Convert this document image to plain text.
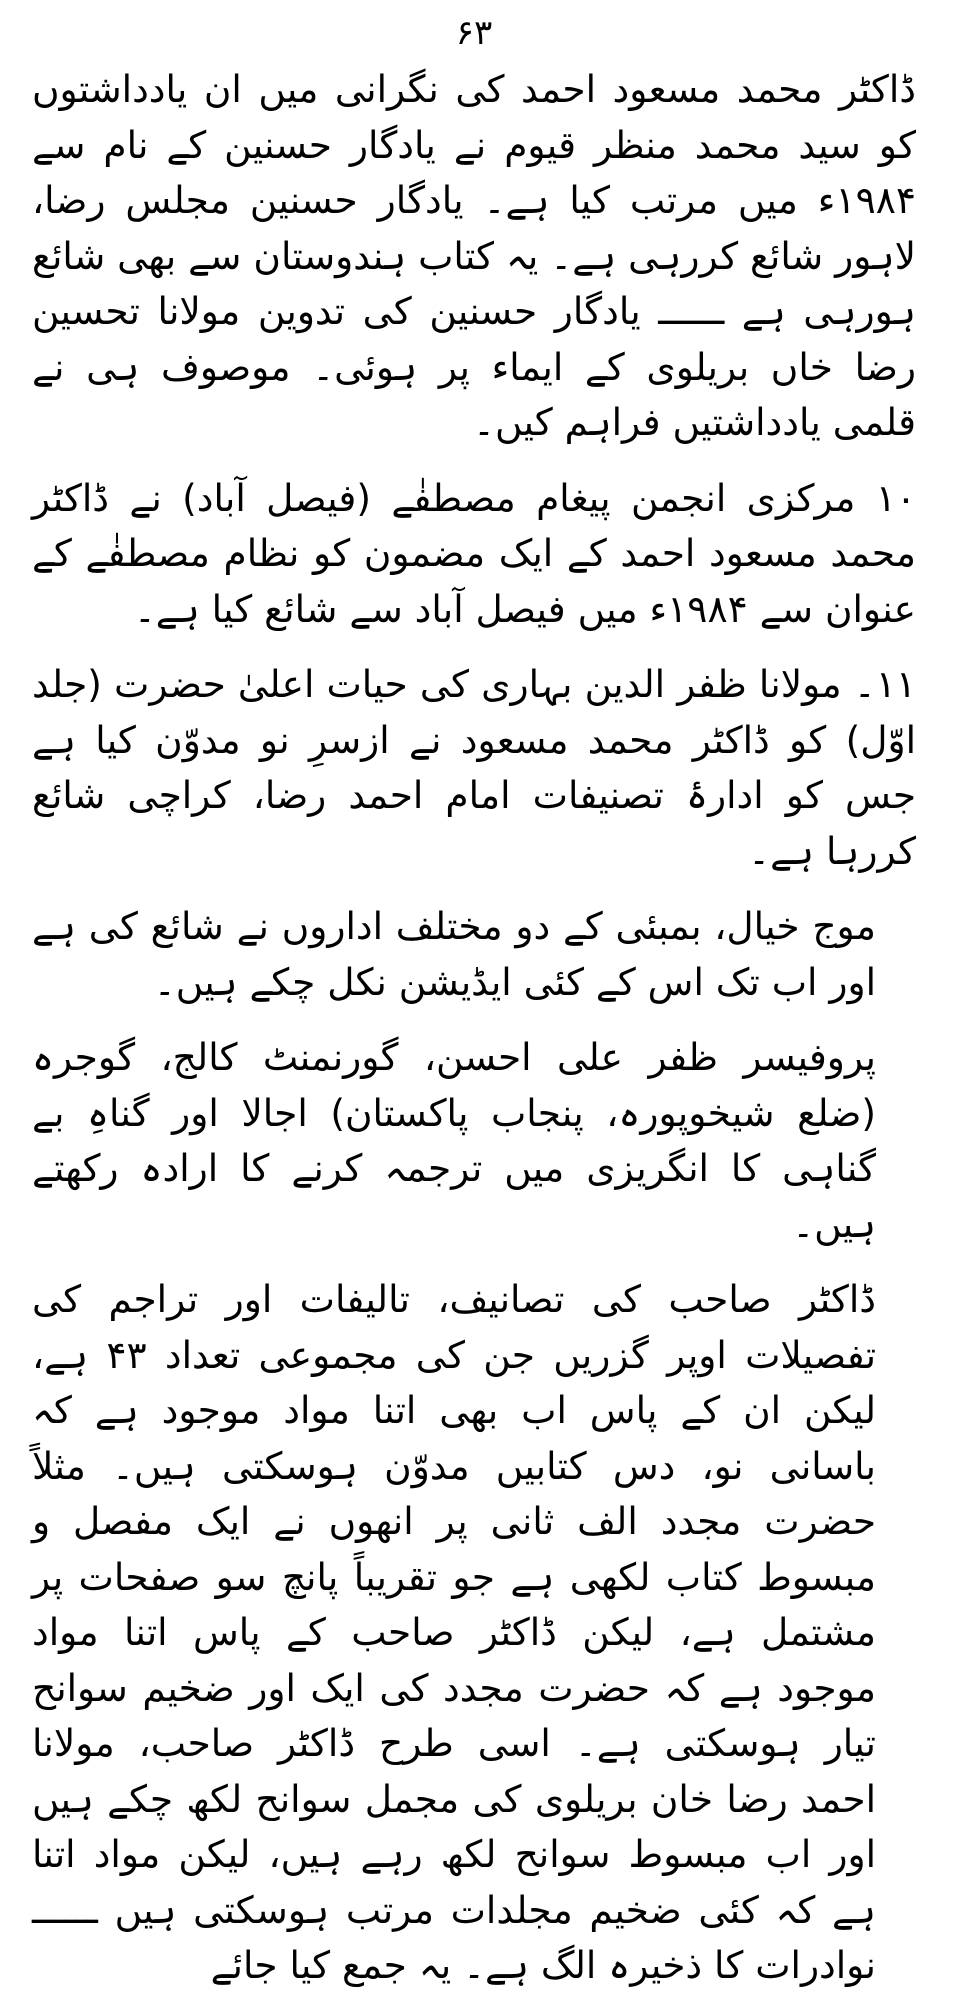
۶۳

ڈاکٹر محمد مسعود احمد کی نگرانی میں ان یادداشتوں کو سید محمد منظر قیوم نے یادگار حسنین کے نام سے ۱۹۸۴ء میں مرتب کیا ہے۔ یادگار حسنین مجلس رضا، لاہور شائع کررہی ہے۔ یہ کتاب ہندوستان سے بھی شائع ہورہی ہے ــــــ یادگار حسنین کی تدوین مولانا تحسین رضا خاں بریلوی کے ایماء پر ہوئی۔ موصوف ہی نے قلمی یادداشتیں فراہم کیں۔

۱۰ مرکزی انجمن پیغام مصطفٰے (فیصل آباد) نے ڈاکٹر محمد مسعود احمد کے ایک مضمون کو نظام مصطفٰے کے عنوان سے ۱۹۸۴ء میں فیصل آباد سے شائع کیا ہے۔

۱۱۔ مولانا ظفر الدین بہاری کی حیات اعلیٰ حضرت (جلد اوّل) کو ڈاکٹر محمد مسعود نے ازسرِ نو مدوّن کیا ہے جس کو ادارۂ تصنیفات امام احمد رضا، کراچی شائع کررہا ہے۔

موج خیال، بمبئی کے دو مختلف اداروں نے شائع کی ہے اور اب تک اس کے کئی ایڈیشن نکل چکے ہیں۔

پروفیسر ظفر علی احسن، گورنمنٹ کالج، گوجرہ (ضلع شیخوپورہ، پنجاب پاکستان) اجالا اور گناہِ بے گناہی کا انگریزی میں ترجمہ کرنے کا ارادہ رکھتے ہیں۔

ڈاکٹر صاحب کی تصانیف، تالیفات اور تراجم کی تفصیلات اوپر گزریں جن کی مجموعی تعداد ۴۳ ہے، لیکن ان کے پاس اب بھی اتنا مواد موجود ہے کہ باسانی نو، دس کتابیں مدوّن ہوسکتی ہیں۔ مثلاً حضرت مجدد الف ثانی پر انھوں نے ایک مفصل و مبسوط کتاب لکھی ہے جو تقریباً پانچ سو صفحات پر مشتمل ہے، لیکن ڈاکٹر صاحب کے پاس اتنا مواد موجود ہے کہ حضرت مجدد کی ایک اور ضخیم سوانح تیار ہوسکتی ہے۔ اسی طرح ڈاکٹر صاحب، مولانا احمد رضا خان بریلوی کی مجمل سوانح لکھ چکے ہیں اور اب مبسوط سوانح لکھ رہے ہیں، لیکن مواد اتنا ہے کہ کئی ضخیم مجلدات مرتب ہوسکتی ہیں ــــــ نوادرات کا ذخیرہ الگ ہے۔ یہ جمع کیا جائے
